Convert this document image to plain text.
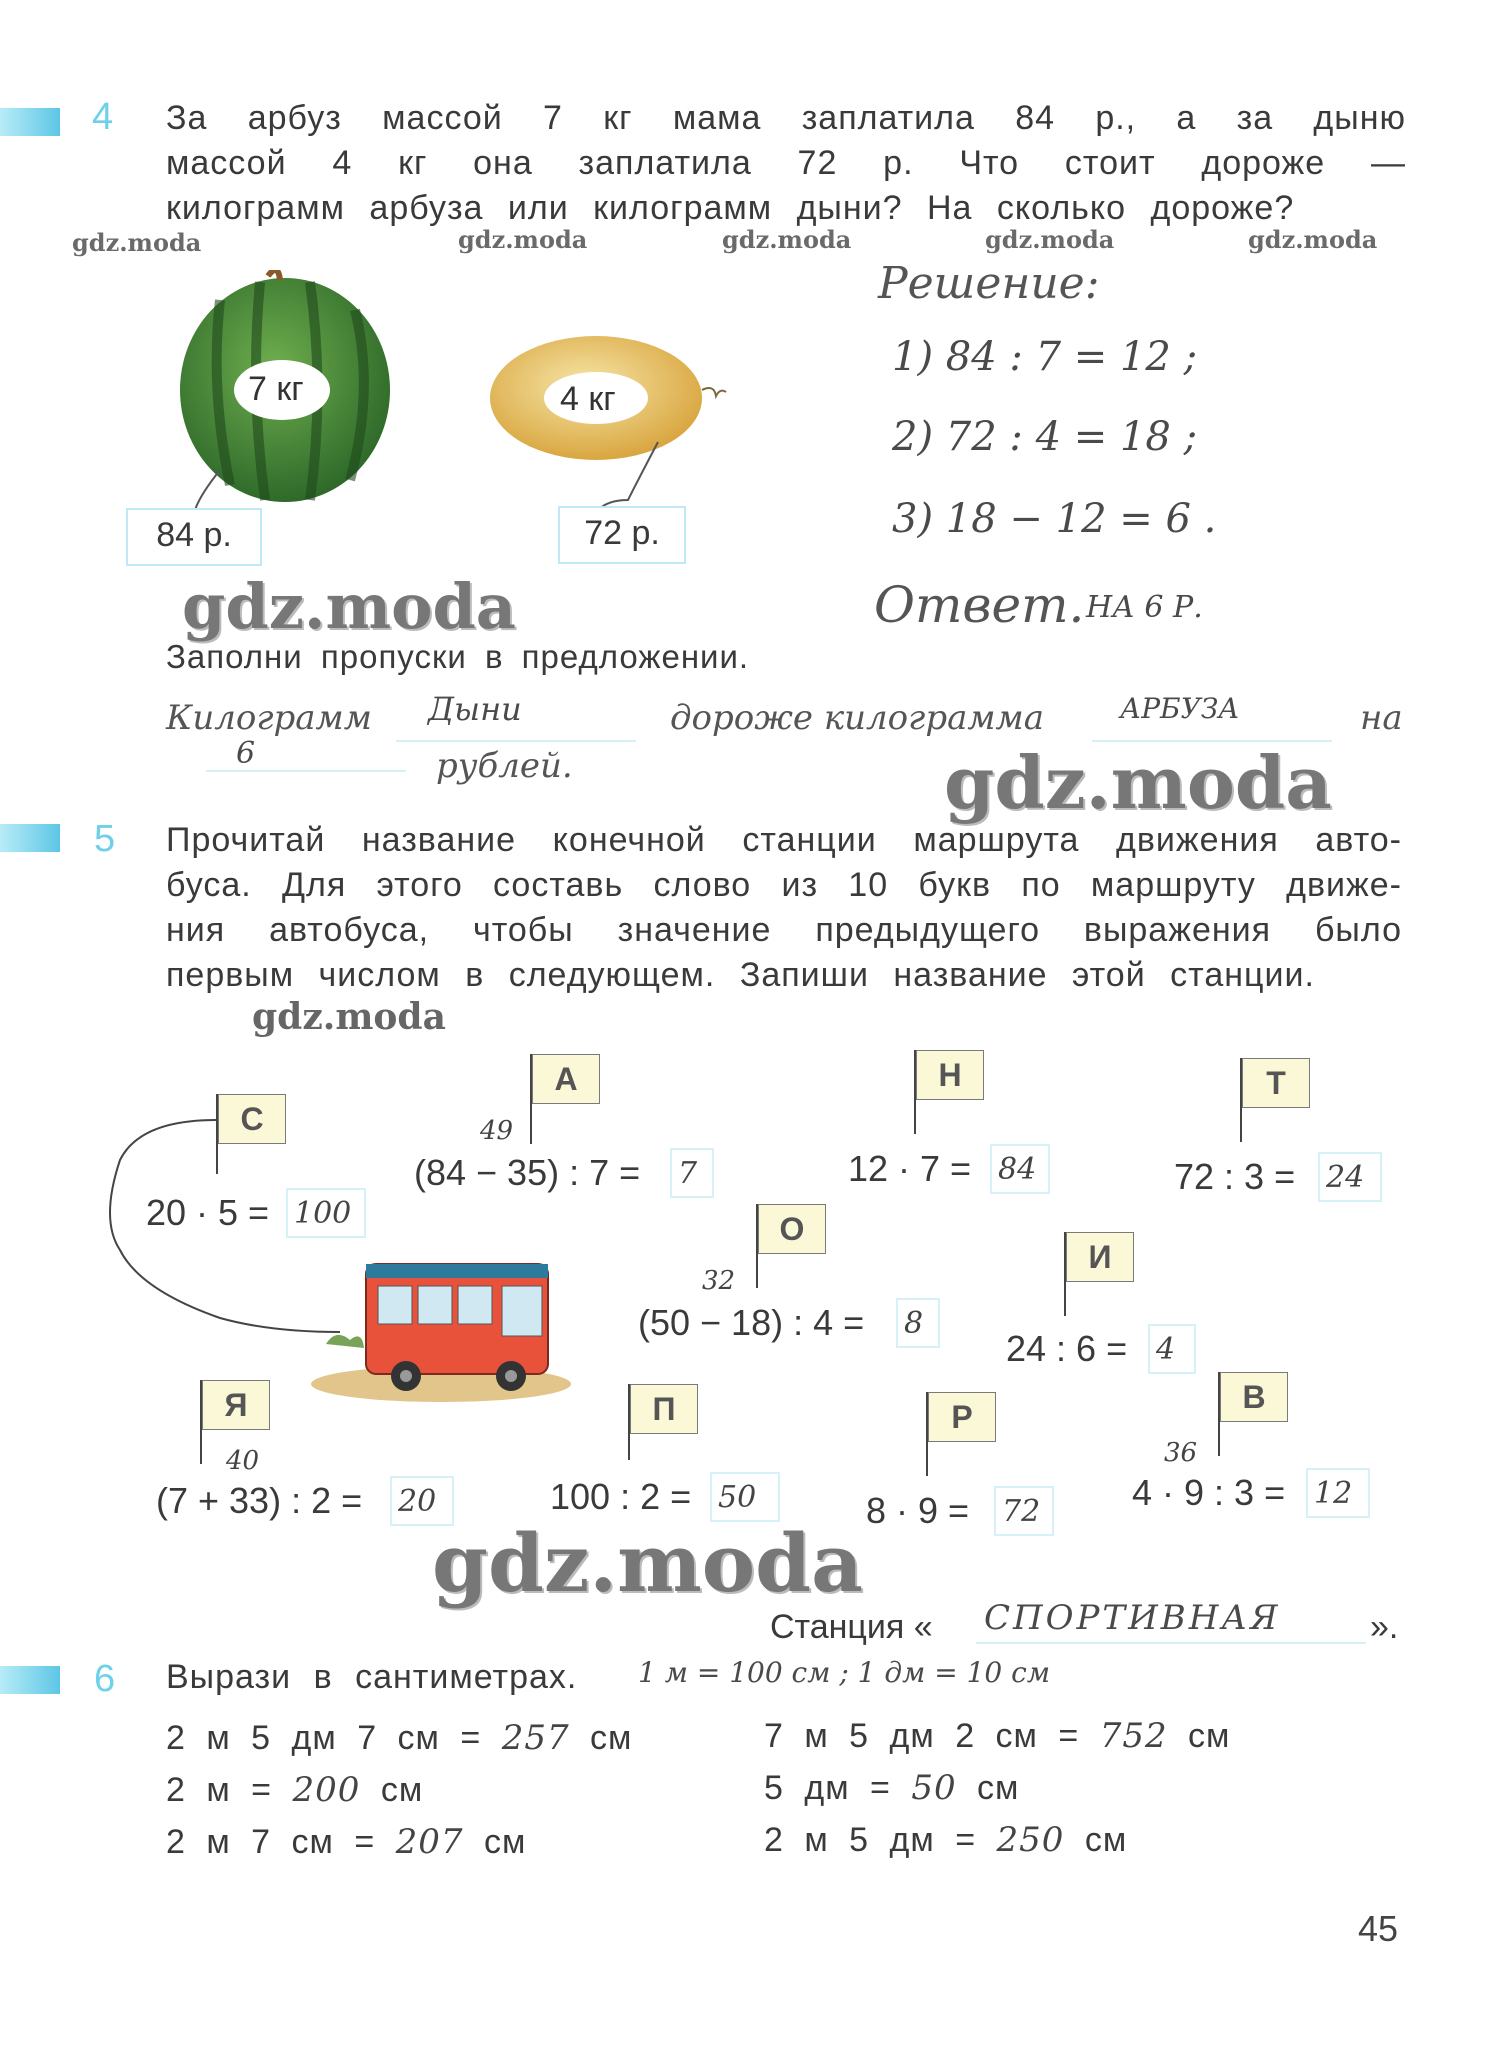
4 За арбуз массой 7 кг мама заплатила 84 р., а за дыню
массой 4 кг она заплатила 72 р. Что стоит дороже —
килограмм арбуза или килограмм дыни? На сколько дороже?
gdz.moda	gdz.moda	gdz.moda	gdz.moda	gdz.moda
7 кг	4 кг
84 р.	72 р.
Решение:
1) 84 : 7 = 12 ;
2) 72 : 4 = 18 ;
3) 18 − 12 = 6 .
Ответ. НА 6 Р.
gdz.moda
Заполни пропуски в предложении.
Килограмм Дыни	дороже килограмма	АРБУЗА	на
6	рублей.	gdz.moda
5 Прочитай название конечной станции маршрута движения авто-
буса. Для этого составь слово из 10 букв по маршруту движе-
ния автобуса, чтобы значение предыдущего выражения было
первым числом в следующем. Запиши название этой станции.
gdz.moda
С
20 · 5 = 100
А
49
(84 − 35) : 7 = 7
Н
12 · 7 = 84
Т
72 : 3 = 24
О
32
(50 − 18) : 4 = 8
И
24 : 6 = 4
Я
40
(7 + 33) : 2 = 20
П
100 : 2 = 50
Р
8 · 9 = 72
В
36
4 · 9 : 3 = 12
gdz.moda
Станция « СПОРТИВНАЯ	».
6 Вырази в сантиметрах. 1 м = 100 см ; 1 дм = 10 см
2 м 5 дм 7 см = 257 см
2 м = 200 см
2 м 7 см = 207 см
7 м 5 дм 2 см = 752 см
5 дм = 50 см
2 м 5 дм = 250 см
45
